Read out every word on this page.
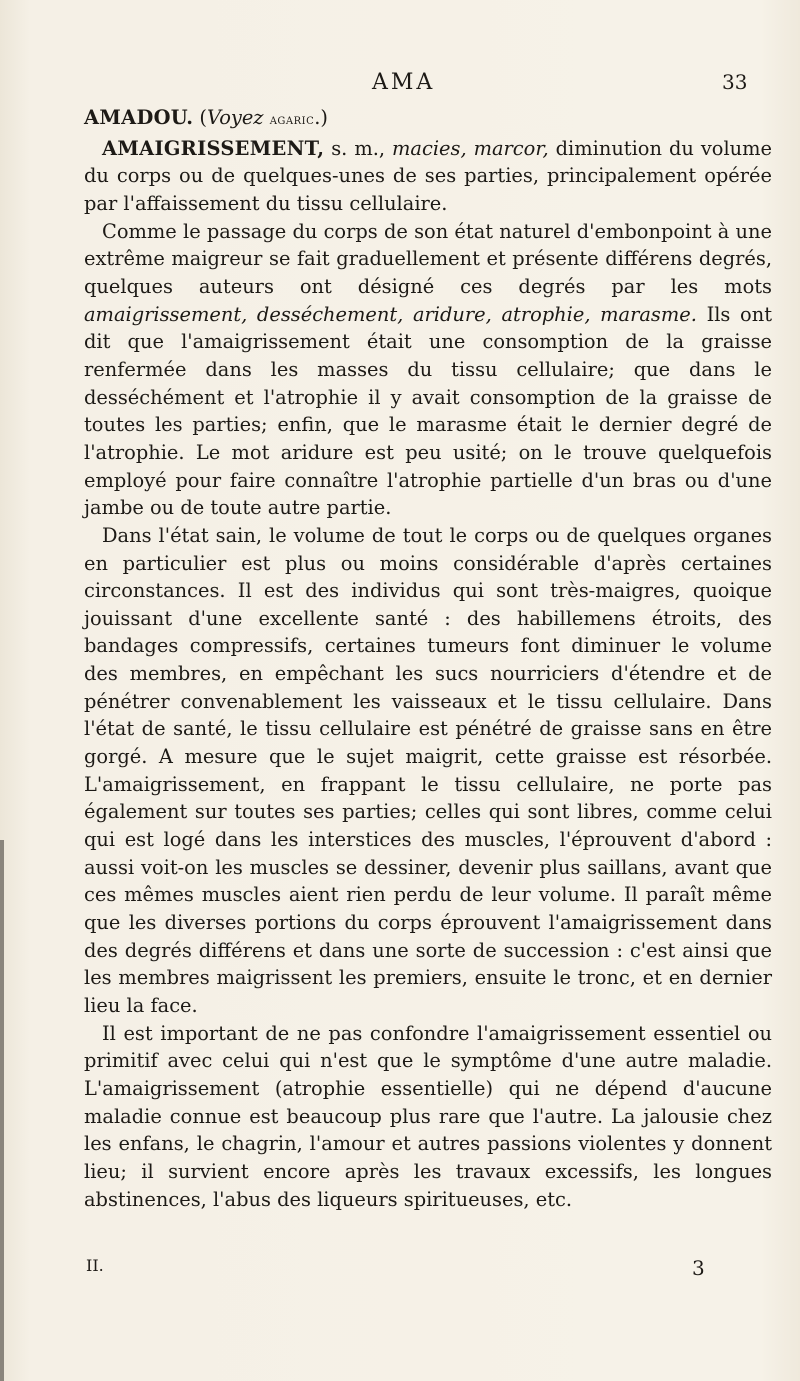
AMA	33

AMADOU. (Voyez agaric.)

AMAIGRISSEMENT, s. m., macies, marcor, diminution du volume du corps ou de quelques-unes de ses parties, principalement opérée par l'affaissement du tissu cellulaire.

Comme le passage du corps de son état naturel d'embonpoint à une extrême maigreur se fait graduellement et présente différens degrés, quelques auteurs ont désigné ces degrés par les mots amaigrissement, desséchement, aridure, atrophie, marasme. Ils ont dit que l'amaigrissement était une consomption de la graisse renfermée dans les masses du tissu cellulaire; que dans le desséchément et l'atrophie il y avait consomption de la graisse de toutes les parties; enfin, que le marasme était le dernier degré de l'atrophie. Le mot aridure est peu usité; on le trouve quelquefois employé pour faire connaître l'atrophie partielle d'un bras ou d'une jambe ou de toute autre partie.

Dans l'état sain, le volume de tout le corps ou de quelques organes en particulier est plus ou moins considérable d'après certaines circonstances. Il est des individus qui sont très-maigres, quoique jouissant d'une excellente santé : des habillemens étroits, des bandages compressifs, certaines tumeurs font diminuer le volume des membres, en empêchant les sucs nourriciers d'étendre et de pénétrer convenablement les vaisseaux et le tissu cellulaire. Dans l'état de santé, le tissu cellulaire est pénétré de graisse sans en être gorgé. A mesure que le sujet maigrit, cette graisse est résorbée. L'amaigrissement, en frappant le tissu cellulaire, ne porte pas également sur toutes ses parties; celles qui sont libres, comme celui qui est logé dans les interstices des muscles, l'éprouvent d'abord : aussi voit-on les muscles se dessiner, devenir plus saillans, avant que ces mêmes muscles aient rien perdu de leur volume. Il paraît même que les diverses portions du corps éprouvent l'amaigrissement dans des degrés différens et dans une sorte de succession : c'est ainsi que les membres maigrissent les premiers, ensuite le tronc, et en dernier lieu la face.

Il est important de ne pas confondre l'amaigrissement essentiel ou primitif avec celui qui n'est que le symptôme d'une autre maladie. L'amaigrissement (atrophie essentielle) qui ne dépend d'aucune maladie connue est beaucoup plus rare que l'autre. La jalousie chez les enfans, le chagrin, l'amour et autres passions violentes y donnent lieu; il survient encore après les travaux excessifs, les longues abstinences, l'abus des liqueurs spiritueuses, etc.

II.	3
